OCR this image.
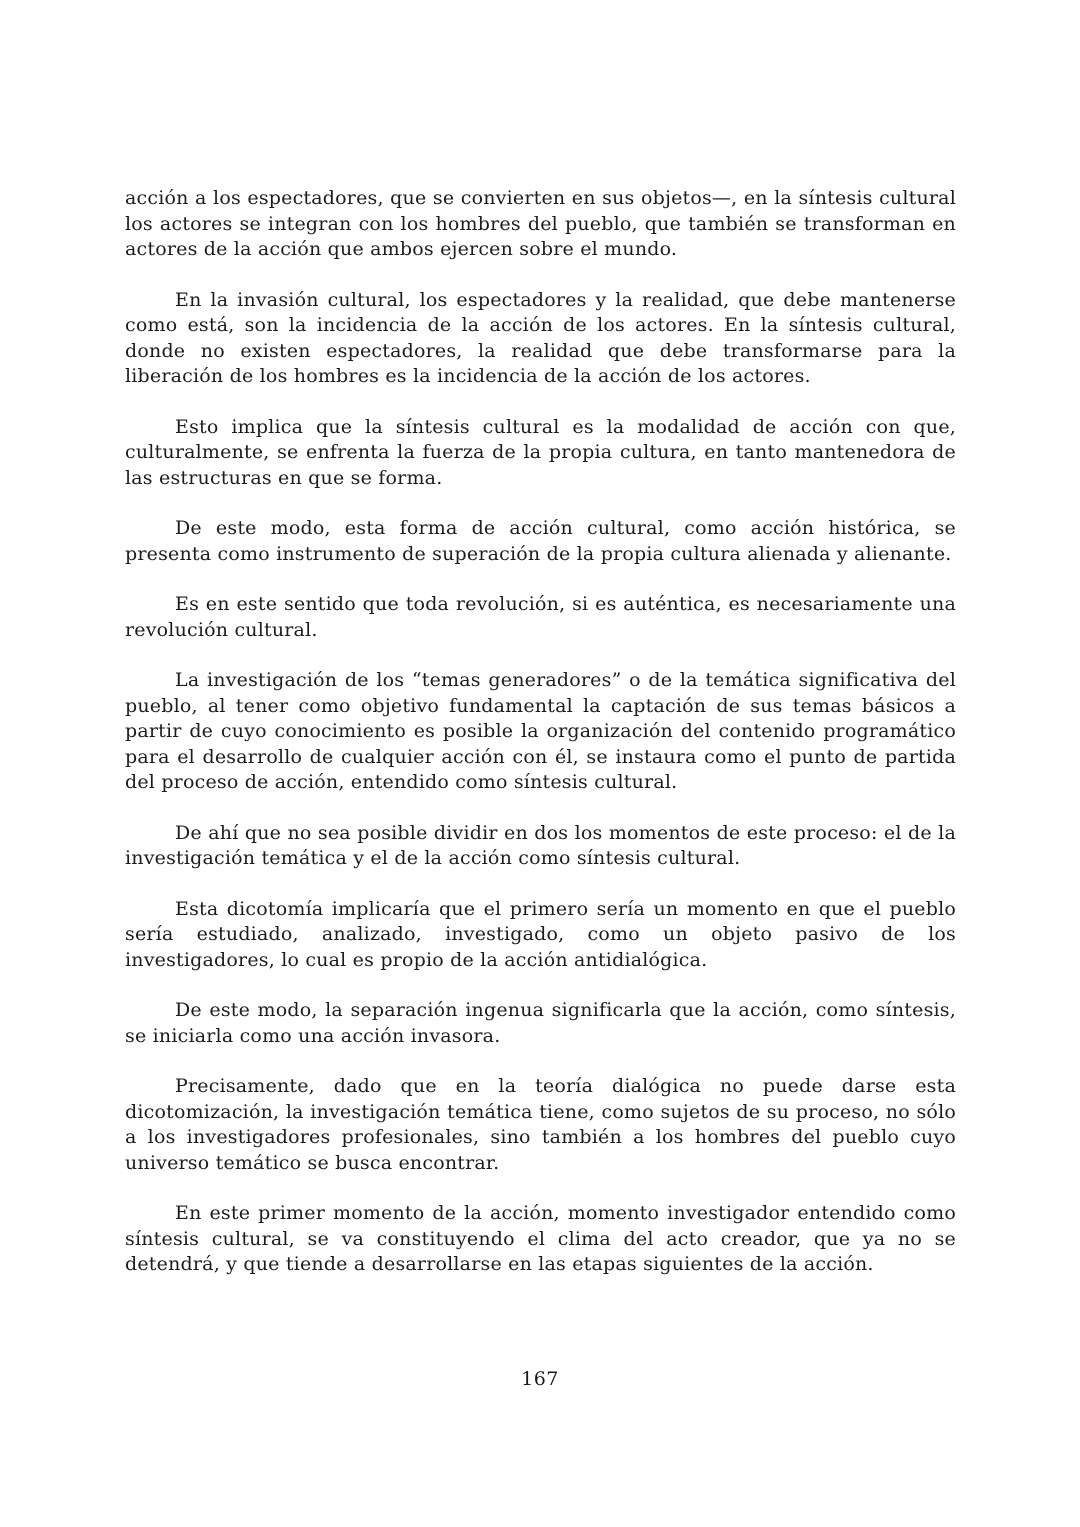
acción a los espectadores, que se convierten en sus objetos—, en la síntesis cultural los actores se integran con los hombres del pueblo, que también se transforman en actores de la acción que ambos ejercen sobre el mundo.

En la invasión cultural, los espectadores y la realidad, que debe mantenerse como está, son la incidencia de la acción de los actores. En la síntesis cultural, donde no existen espectadores, la realidad que debe transformarse para la liberación de los hombres es la incidencia de la acción de los actores.

Esto implica que la síntesis cultural es la modalidad de acción con que, culturalmente, se enfrenta la fuerza de la propia cultura, en tanto mantenedora de las estructuras en que se forma.

De este modo, esta forma de acción cultural, como acción histórica, se presenta como instrumento de superación de la propia cultura alienada y alienante.

Es en este sentido que toda revolución, si es auténtica, es necesariamente una revolución cultural.

La investigación de los “temas generadores” o de la temática significativa del pueblo, al tener como objetivo fundamental la captación de sus temas básicos a partir de cuyo conocimiento es posible la organización del contenido programático para el desarrollo de cualquier acción con él, se instaura como el punto de partida del proceso de acción, entendido como síntesis cultural.

De ahí que no sea posible dividir en dos los momentos de este proceso: el de la investigación temática y el de la acción como síntesis cultural.

Esta dicotomía implicaría que el primero sería un momento en que el pueblo sería estudiado, analizado, investigado, como un objeto pasivo de los investigadores, lo cual es propio de la acción antidialógica.

De este modo, la separación ingenua significarla que la acción, como síntesis, se iniciarla como una acción invasora.

Precisamente, dado que en la teoría dialógica no puede darse esta dicotomización, la investigación temática tiene, como sujetos de su proceso, no sólo a los investigadores profesionales, sino también a los hombres del pueblo cuyo universo temático se busca encontrar.

En este primer momento de la acción, momento investigador entendido como síntesis cultural, se va constituyendo el clima del acto creador, que ya no se detendrá, y que tiende a desarrollarse en las etapas siguientes de la acción.

167
